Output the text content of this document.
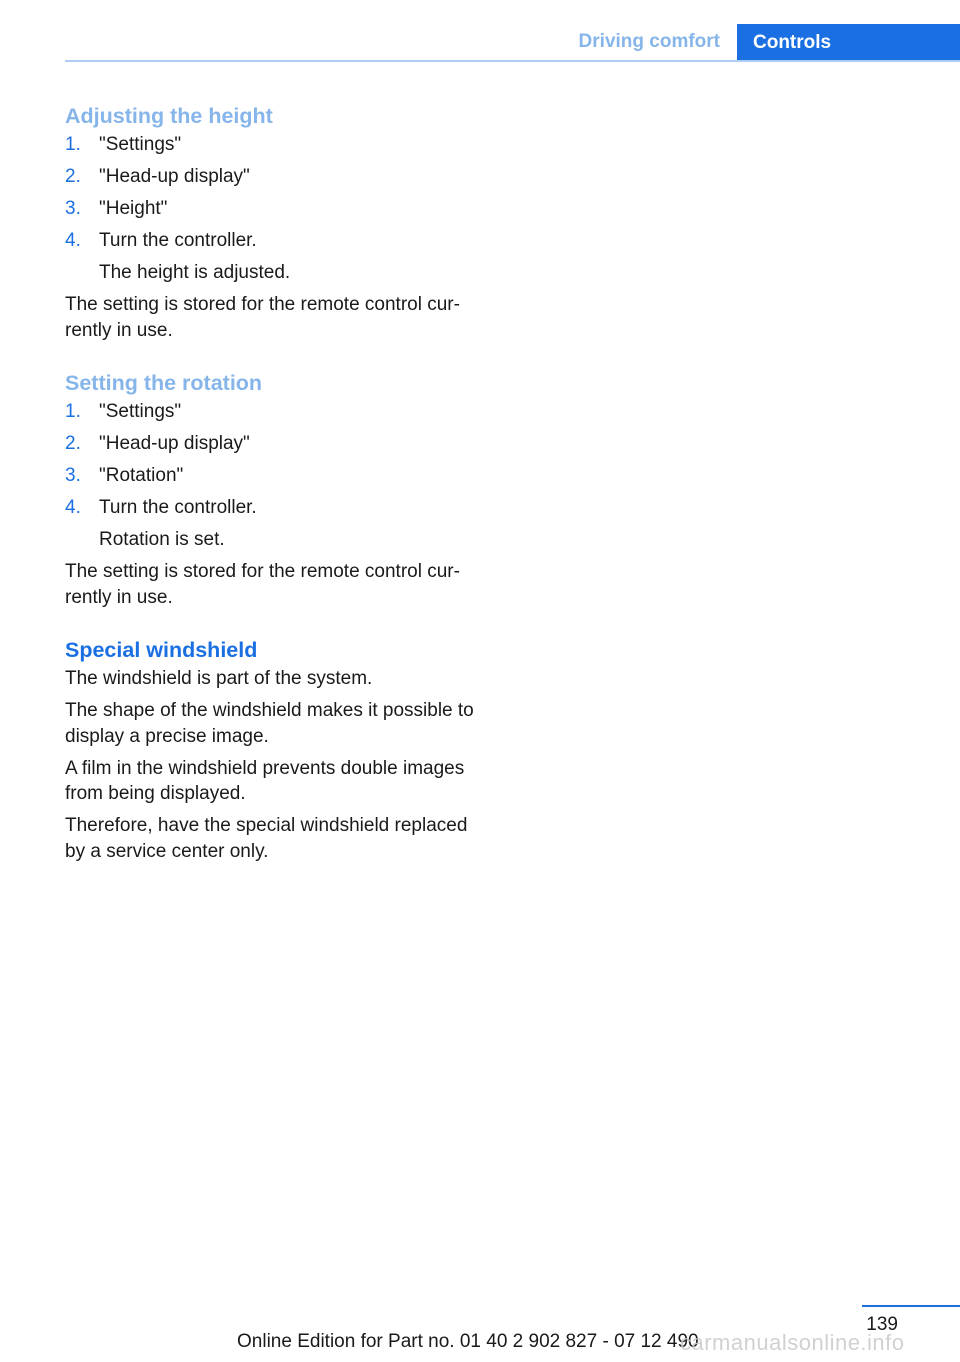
Driving comfort	Controls
Adjusting the height
1. "Settings"
2. "Head-up display"
3. "Height"
4. Turn the controller.

The height is adjusted.

The setting is stored for the remote control cur-rently in use.

Setting the rotation
1. "Settings"
2. "Head-up display"
3. "Rotation"
4. Turn the controller.

Rotation is set.

The setting is stored for the remote control cur-rently in use.

Special windshield

The windshield is part of the system.

The shape of the windshield makes it possible to display a precise image.

A film in the windshield prevents double images from being displayed.

Therefore, have the special windshield replaced by a service center only.

139
Online Edition for Part no. 01 40 2 902 827 - 07 12 490
carmanualsonline.info
